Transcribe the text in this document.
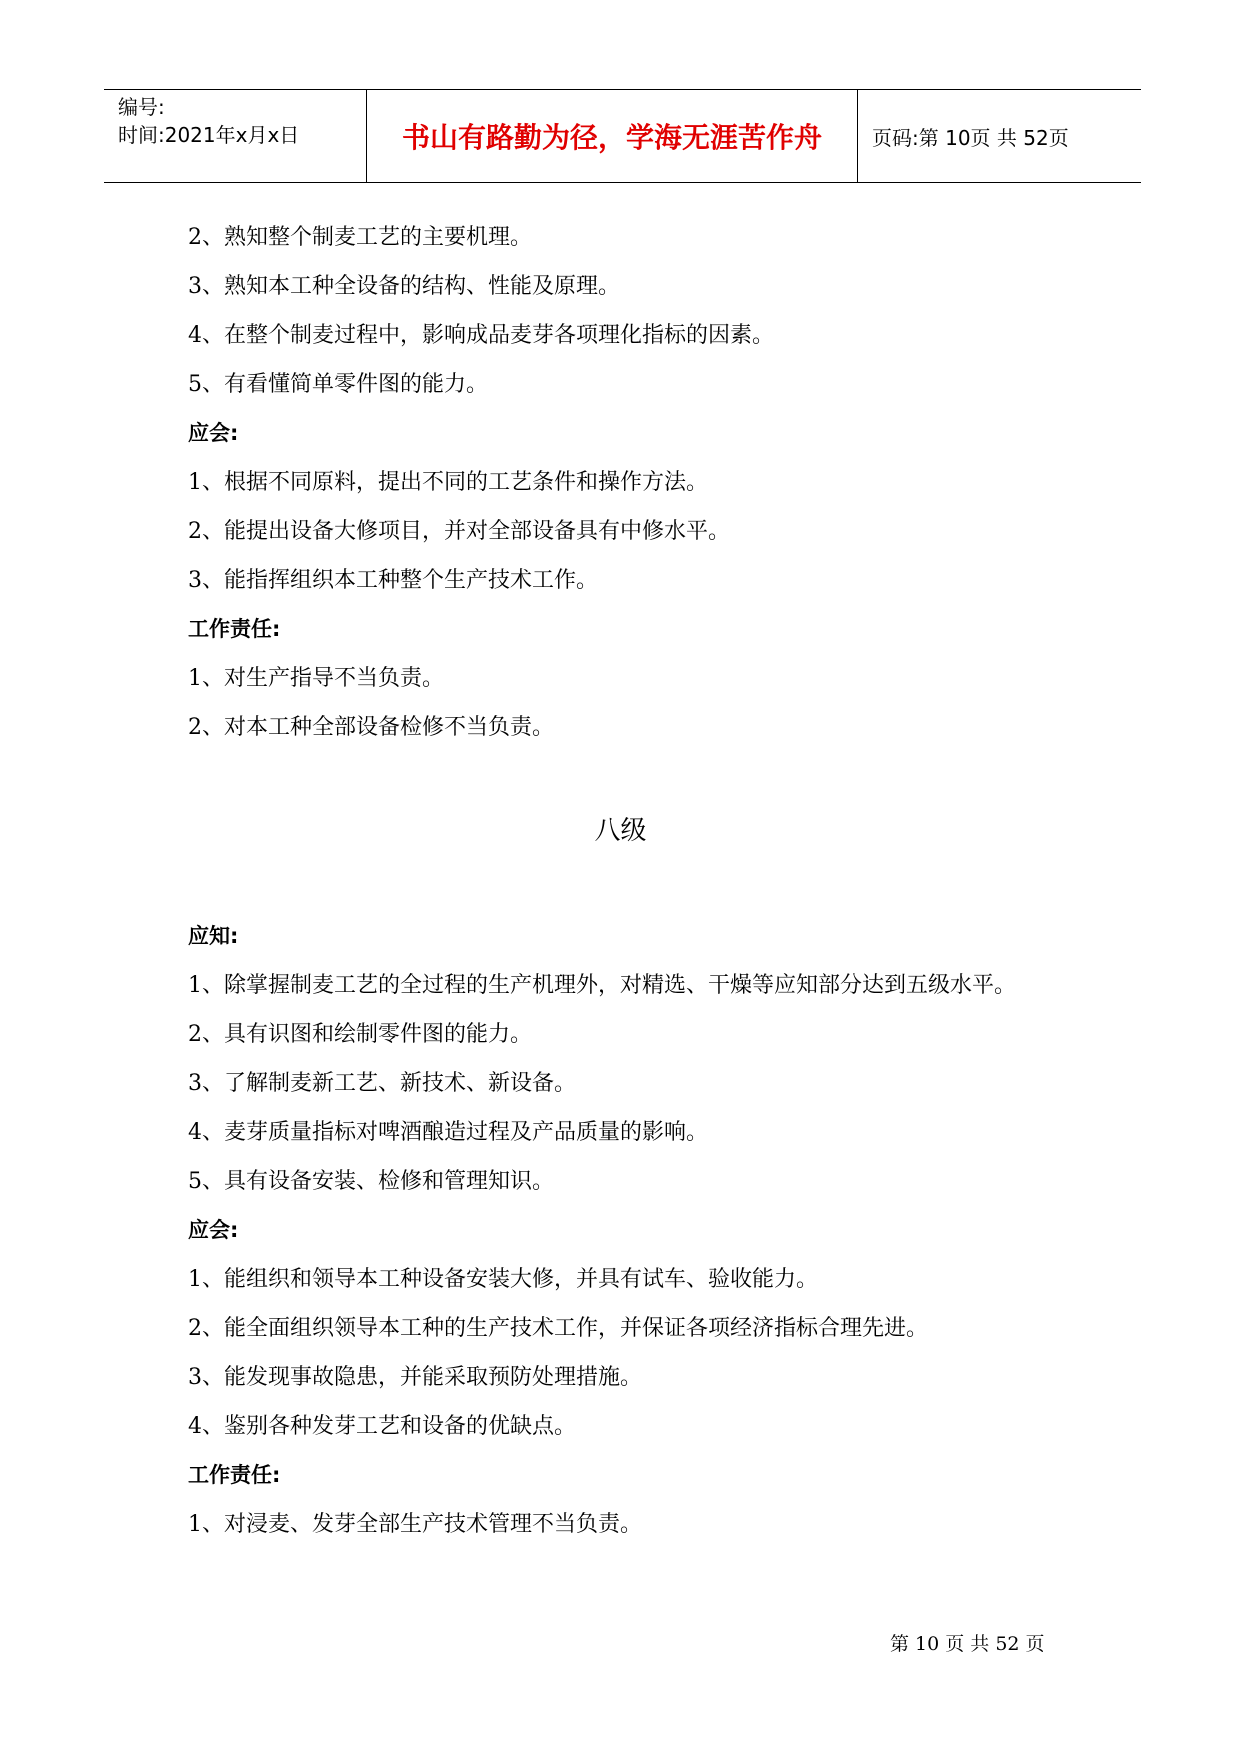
编号:
时间:2021年x月x日	书山有路勤为径，学海无涯苦作舟	页码:第 10页 共 52页
2、熟知整个制麦工艺的主要机理。
3、熟知本工种全设备的结构、性能及原理。
4、在整个制麦过程中，影响成品麦芽各项理化指标的因素。
5、有看懂简单零件图的能力。
应会:
1、根据不同原料，提出不同的工艺条件和操作方法。
2、能提出设备大修项目，并对全部设备具有中修水平。
3、能指挥组织本工种整个生产技术工作。
工作责任:
1、对生产指导不当负责。
2、对本工种全部设备检修不当负责。
八级
应知:
1、除掌握制麦工艺的全过程的生产机理外，对精选、干燥等应知部分达到五级水平。
2、具有识图和绘制零件图的能力。
3、了解制麦新工艺、新技术、新设备。
4、麦芽质量指标对啤酒酿造过程及产品质量的影响。
5、具有设备安装、检修和管理知识。
应会:
1、能组织和领导本工种设备安装大修，并具有试车、验收能力。
2、能全面组织领导本工种的生产技术工作，并保证各项经济指标合理先进。
3、能发现事故隐患，并能采取预防处理措施。
4、鉴别各种发芽工艺和设备的优缺点。
工作责任:
1、对浸麦、发芽全部生产技术管理不当负责。
第 10 页 共 52 页
